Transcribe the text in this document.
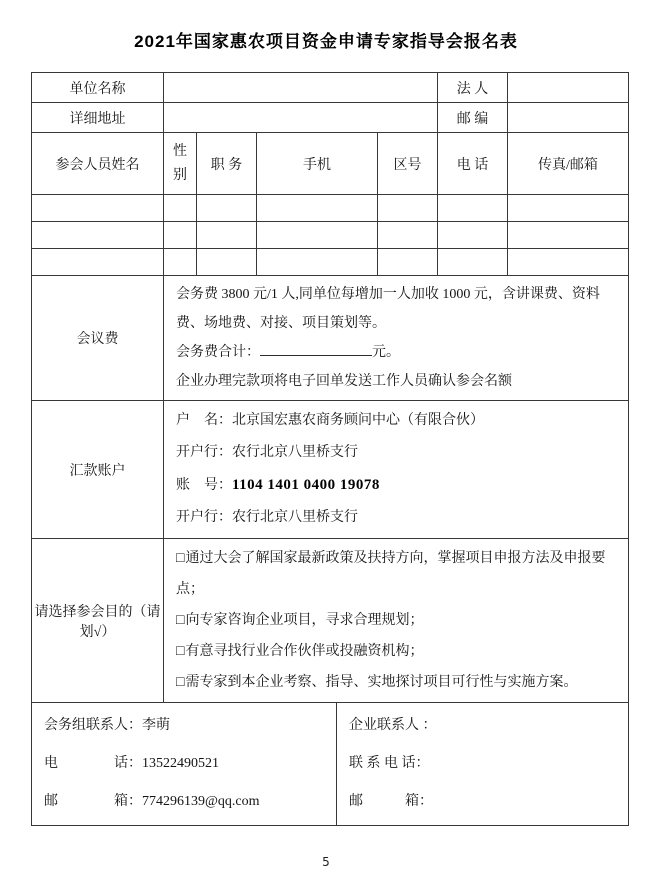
2021年国家惠农项目资金申请专家指导会报名表
单位名称					法 人	
详细地址					邮 编	
参会人员姓名	性别	职 务	手机	区号	电 话	传真/邮箱

会议费	会务费 3800 元/1 人,同单位每增加一人加收 1000 元，含讲课费、资料费、场地费、对接、项目策划等。

会务费合计： 元。

企业办理完款项将电子回单发送工作人员确认参会名额					

汇款账户	户　名：北京国宏惠农商务顾问中心（有限合伙）

开户行：农行北京八里桥支行

账　号：1104 1401 0400 19078

开户行：农行北京八里桥支行					

请选择参会目的（请划√）	□通过大会了解国家最新政策及扶持方向，掌握项目申报方法及申报要点；

□向专家咨询企业项目，寻求合理规划；

□有意寻找行业合作伙伴或投融资机构；

□需专家到本企业考察、指导、实地探讨项目可行性与实施方案。					

会务组联系人：李萌

电　　　　话：13522490521

邮　　　　箱：774296139@qq.com

企业联系人 ：

联 系 电 话：

邮　　　箱：

5
